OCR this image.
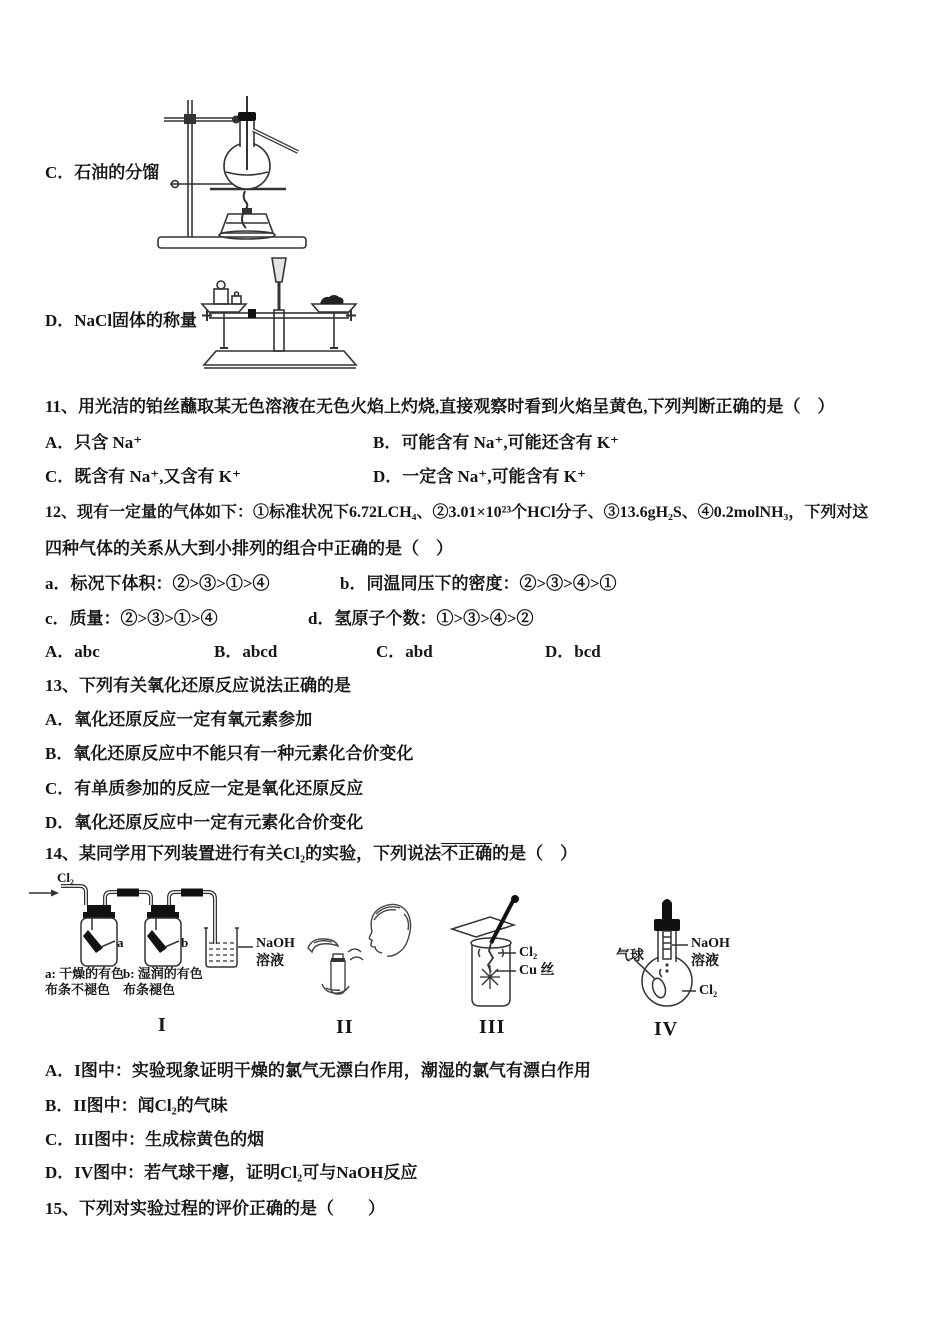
C．石油的分馏
D．NaCl固体的称量
11、用光洁的铂丝蘸取某无色溶液在无色火焰上灼烧,直接观察时看到火焰呈黄色,下列判断正确的是（　）
A．只含 Na⁺	B．可能含有 Na⁺,可能还含有 K⁺
C．既含有 Na⁺,又含有 K⁺	D．一定含 Na⁺,可能含有 K⁺
12、现有一定量的气体如下：①标准状况下6.72LCH₄、②3.01×10²³个HCl分子、③13.6gH₂S、④0.2molNH₃，下列对这
四种气体的关系从大到小排列的组合中正确的是（　）
a．标况下体积：②>③>①>④	b．同温同压下的密度：②>③>④>①
c．质量：②>③>①>④	d．氢原子个数：①>③>④>②
A．abc	B．abcd	C．abd	D．bcd
13、下列有关氧化还原反应说法正确的是
A．氧化还原反应一定有氧元素参加
B．氧化还原反应中不能只有一种元素化合价变化
C．有单质参加的反应一定是氧化还原反应
D．氧化还原反应中一定有元素化合价变化
14、某同学用下列装置进行有关Cl₂的实验，下列说法不正确的是（　）
Cl₂
a	b
a: 干燥的有色布条不褪色
b: 湿润的有色布条褪色
NaOH
溶液
I	II
Cl₂
Cu 丝
III
气球
NaOH
溶液
Cl₂
IV
A．I图中：实验现象证明干燥的氯气无漂白作用，潮湿的氯气有漂白作用
B．II图中：闻Cl₂的气味
C．III图中：生成棕黄色的烟
D．IV图中：若气球干瘪，证明Cl₂可与NaOH反应
15、下列对实验过程的评价正确的是（　　）
